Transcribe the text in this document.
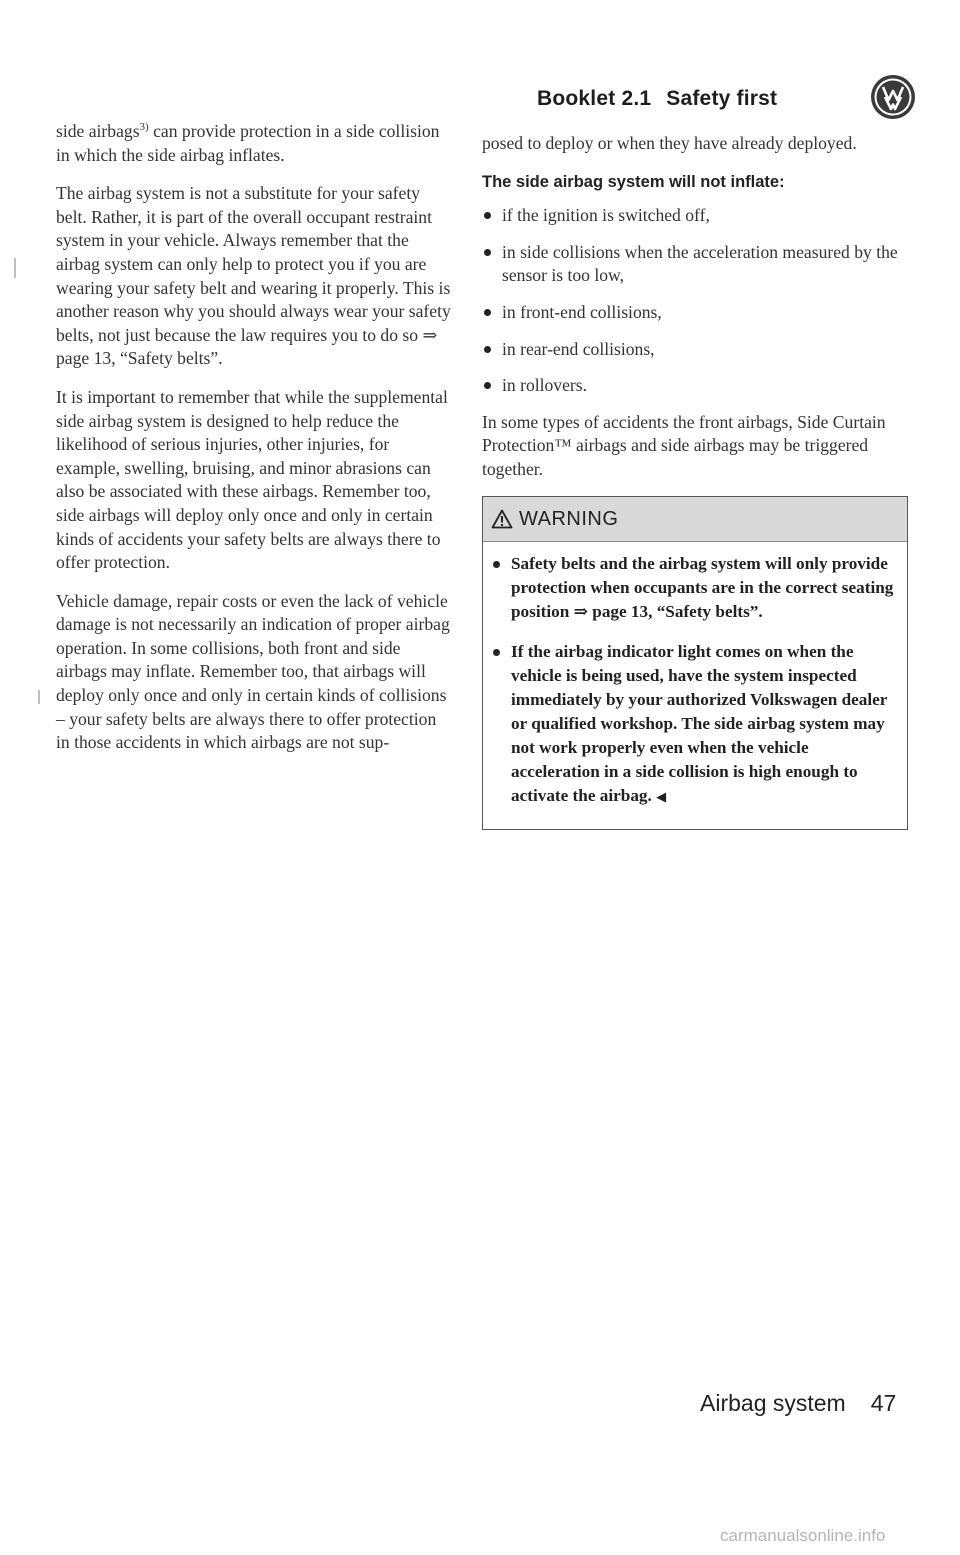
Booklet 2.1 Safety first

side airbags$^{3)}$ can provide protection in a side collision in which the side airbag inflates.

The airbag system is not a substitute for your safety belt. Rather, it is part of the overall occupant restraint system in your vehicle. Always remember that the airbag system can only help to protect you if you are wearing your safety belt and wearing it properly. This is another reason why you should always wear your safety belts, not just because the law requires you to do so ⇒ page 13, “Safety belts”.

It is important to remember that while the supplemental side airbag system is designed to help reduce the likelihood of serious injuries, other injuries, for example, swelling, bruising, and minor abrasions can also be associated with these airbags. Remember too, side airbags will deploy only once and only in certain kinds of accidents your safety belts are always there to offer protection.

Vehicle damage, repair costs or even the lack of vehicle damage is not necessarily an indication of proper airbag operation. In some collisions, both front and side airbags may inflate. Remember too, that airbags will deploy only once and only in certain kinds of collisions – your safety belts are always there to offer protection in those accidents in which airbags are not sup-

posed to deploy or when they have already deployed.

The side airbag system will not inflate:
if the ignition is switched off,
in side collisions when the acceleration measured by the sensor is too low,
in front-end collisions,
in rear-end collisions,
in rollovers.

In some types of accidents the front airbags, Side Curtain Protection™ airbags and side airbags may be triggered together.

WARNING
Safety belts and the airbag system will only provide protection when occupants are in the correct seating position ⇒ page 13, “Safety belts”.
If the airbag indicator light comes on when the vehicle is being used, have the system inspected immediately by your authorized Volkswagen dealer or qualified workshop. The side airbag system may not work properly even when the vehicle acceleration in a side collision is high enough to activate the airbag. ◀
Airbag system 47
carmanualsonline.info
